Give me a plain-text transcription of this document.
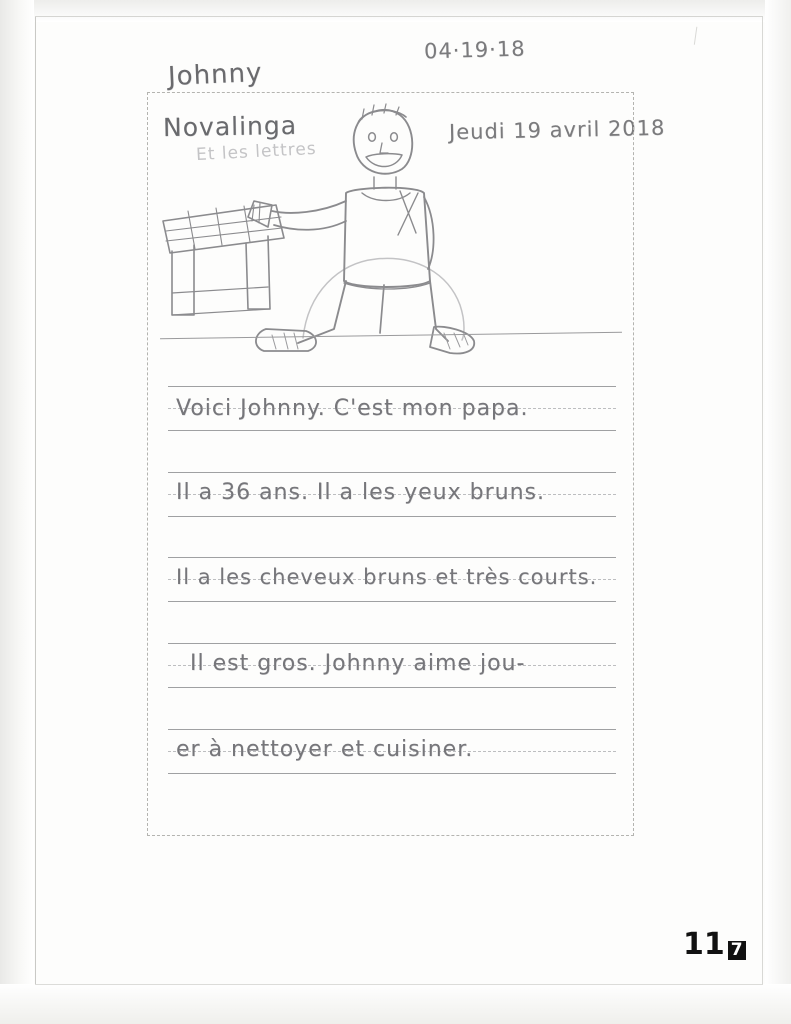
04·19·18
Johnny
Novalinga
Et les lettres
Jeudi 19 avril 2018
Voici Johnny. C'est mon papa.
Il a 36 ans. Il a les yeux bruns.
Il a les cheveux bruns et très courts.
Il est gros. Johnny aime jou-
er à nettoyer et cuisiner.
11 7
